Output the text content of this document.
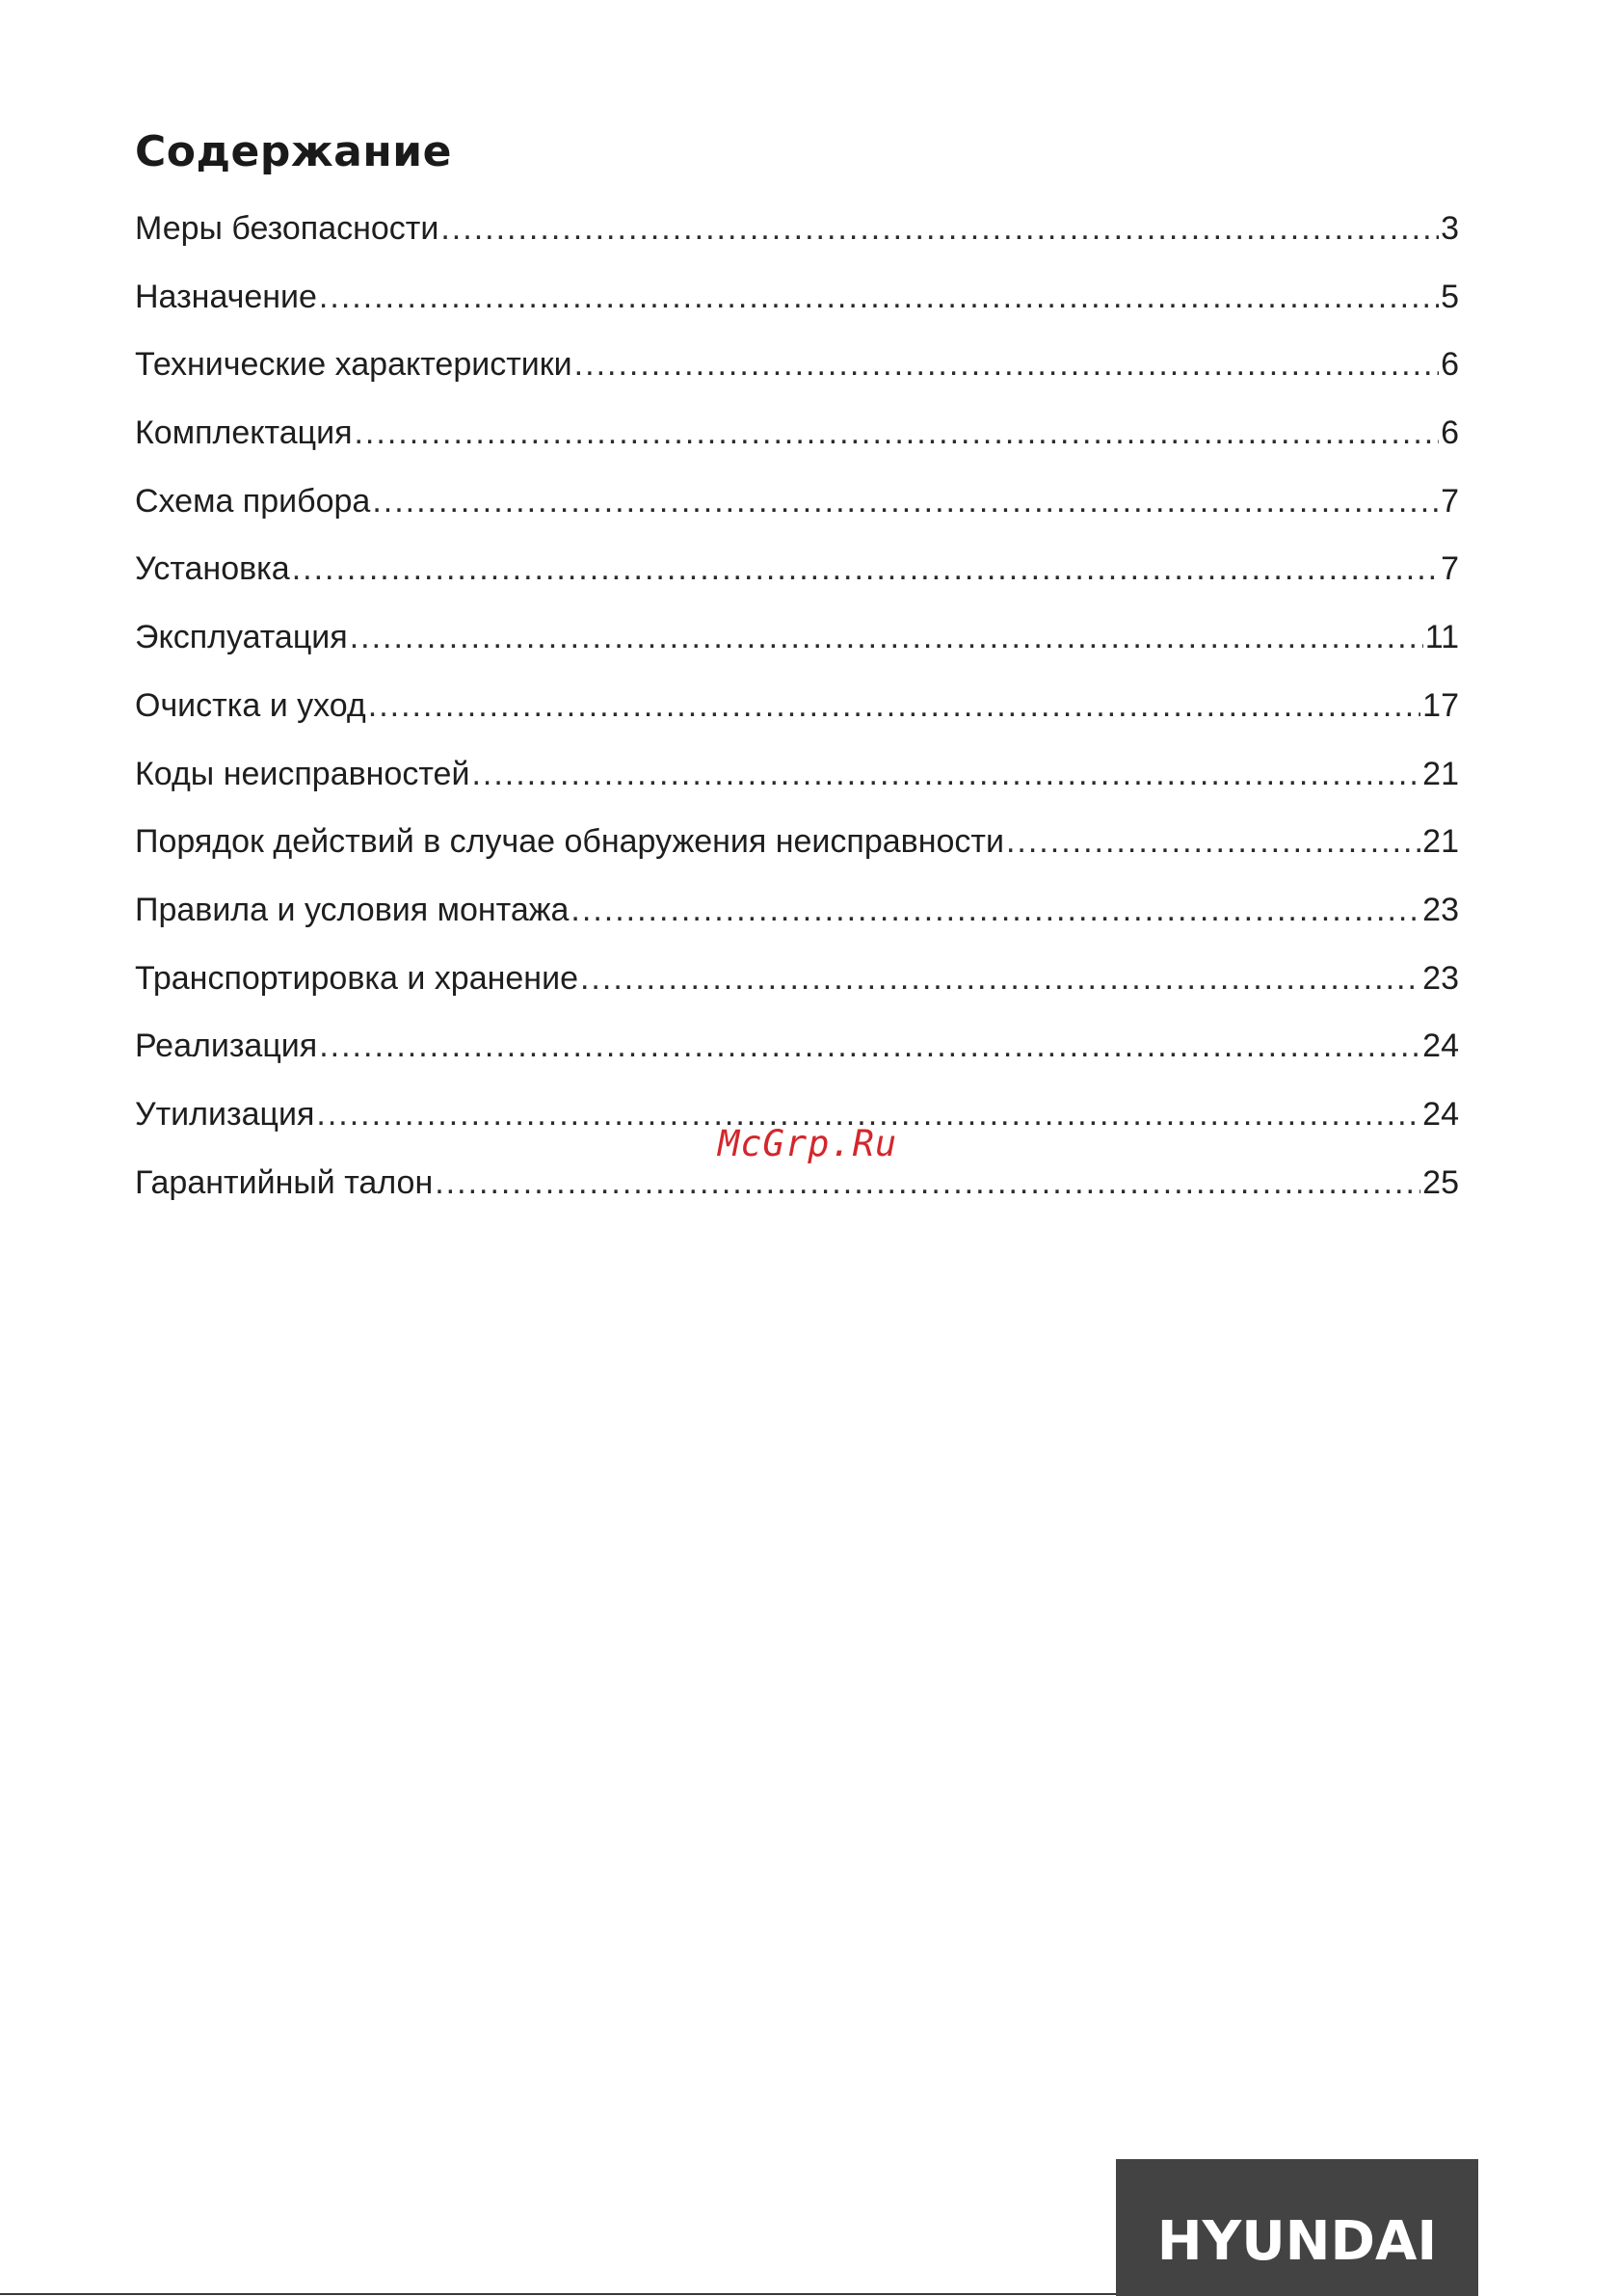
Содержание
Меры безопасности .....	3
Назначение .....	5
Технические характеристики .....	6
Комплектация .....	6
Схема прибора .....	7
Установка .....	7
Эксплуатация .....	11
Очистка и уход .....	17
Коды неисправностей .....	21
Порядок действий в случае обнаружения неисправности .....	21
Правила и условия монтажа .....	23
Транспортировка и хранение .....	23
Реализация .....	24
Утилизация .....	24
Гарантийный талон .....	25
McGrp.Ru
HYUNDAI
